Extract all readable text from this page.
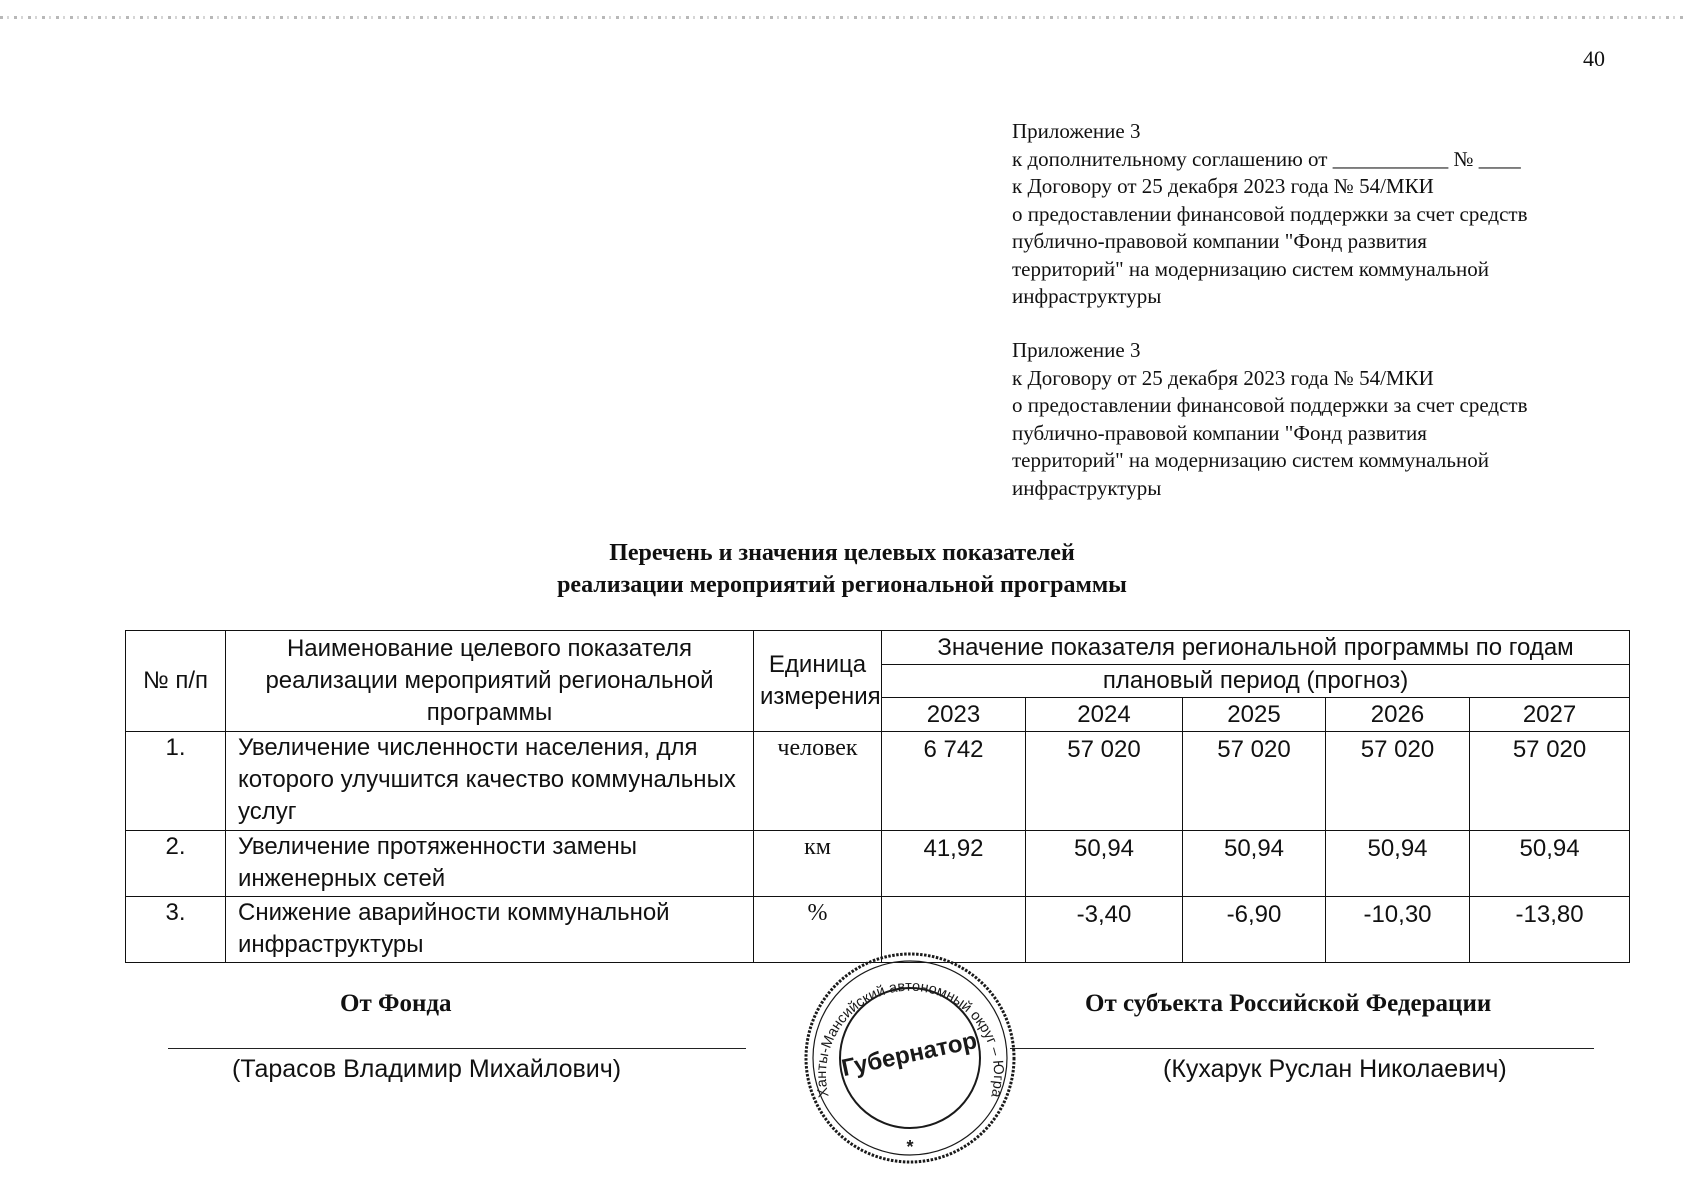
40
Приложение 3
к дополнительному соглашению от ___________ № ____
к Договору от 25 декабря 2023 года № 54/МКИ
о предоставлении финансовой поддержки за счет средств
публично-правовой компании "Фонд развития
территорий" на модернизацию систем коммунальной
инфраструктуры
Приложение 3
к Договору от 25 декабря 2023 года № 54/МКИ
о предоставлении финансовой поддержки за счет средств
публично-правовой компании "Фонд развития
территорий" на модернизацию систем коммунальной
инфраструктуры
Перечень и значения целевых показателей
реализации мероприятий региональной программы
№ п/п	Наименование целевого показателя реализации мероприятий региональной программы	Единица измерения	Значение показателя региональной программы по годам				
			плановый период (прогноз)				
			2023	2024	2025	2026	2027
1.	Увеличение численности населения, для которого улучшится качество коммунальных услуг	человек	6 742	57 020	57 020	57 020	57 020
2.	Увеличение протяженности замены инженерных сетей	км	41,92	50,94	50,94	50,94	50,94
3.	Снижение аварийности коммунальной инфраструктуры	%		-3,40	-6,90	-10,30	-13,80
От Фонда	От субъекта Российской Федерации
(Тарасов Владимир Михайлович)	(Кухарук Руслан Николаевич)
Ханты-Мансийский автономный округ – Югра
Губернатор
*
